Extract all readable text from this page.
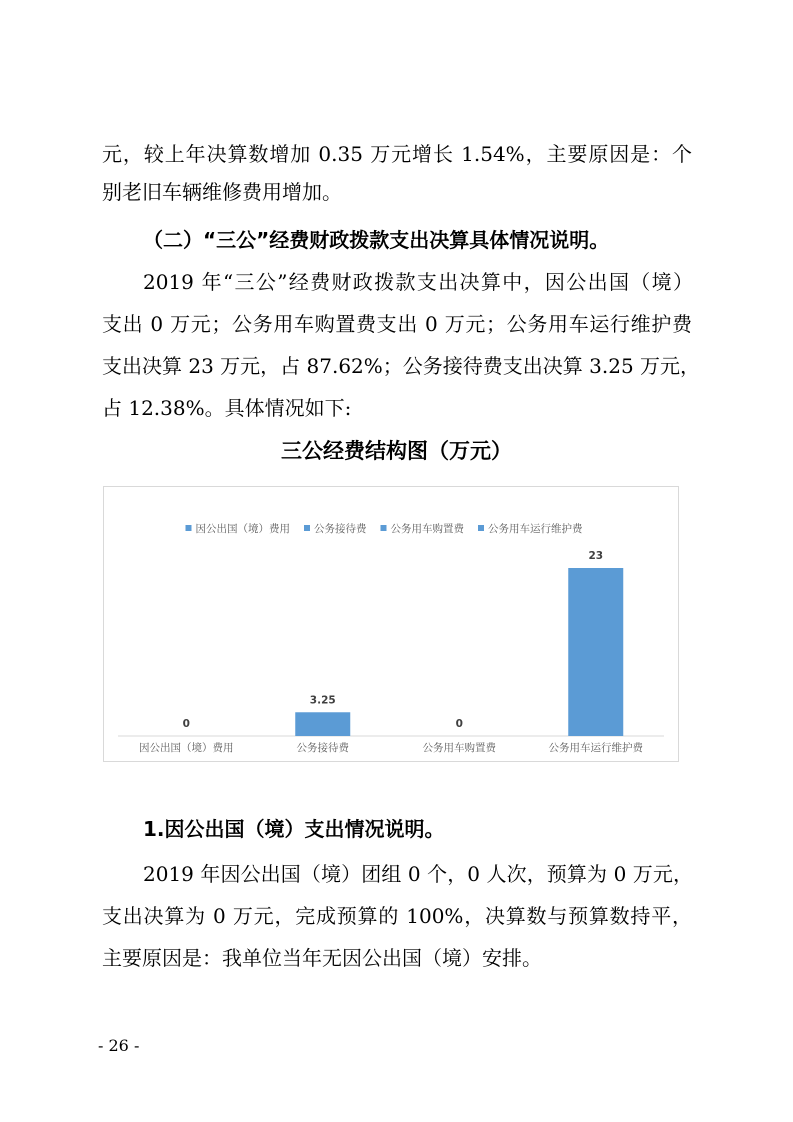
元，较上年决算数增加 0.35 万元增长 1.54%，主要原因是：个
别老旧车辆维修费用增加。
（二）“三公”经费财政拨款支出决算具体情况说明。
2019 年“三公”经费财政拨款支出决算中，因公出国（境）
支出 0 万元；公务用车购置费支出 0 万元；公务用车运行维护费
支出决算 23 万元，占 87.62%；公务接待费支出决算 3.25 万元，
占 12.38%。具体情况如下:
三公经费结构图（万元）
因公出国（境）费用 公务接待费 公务用车购置费 公务用车运行维护费
0
因公出国（境）费用
3.25
公务接待费
0
公务用车购置费
23
公务用车运行维护费
1.因公出国（境）支出情况说明。
2019 年因公出国（境）团组 0 个，0 人次，预算为 0 万元，
支出决算为 0 万元，完成预算的 100%，决算数与预算数持平，
主要原因是：我单位当年无因公出国（境）安排。
- 26 -
